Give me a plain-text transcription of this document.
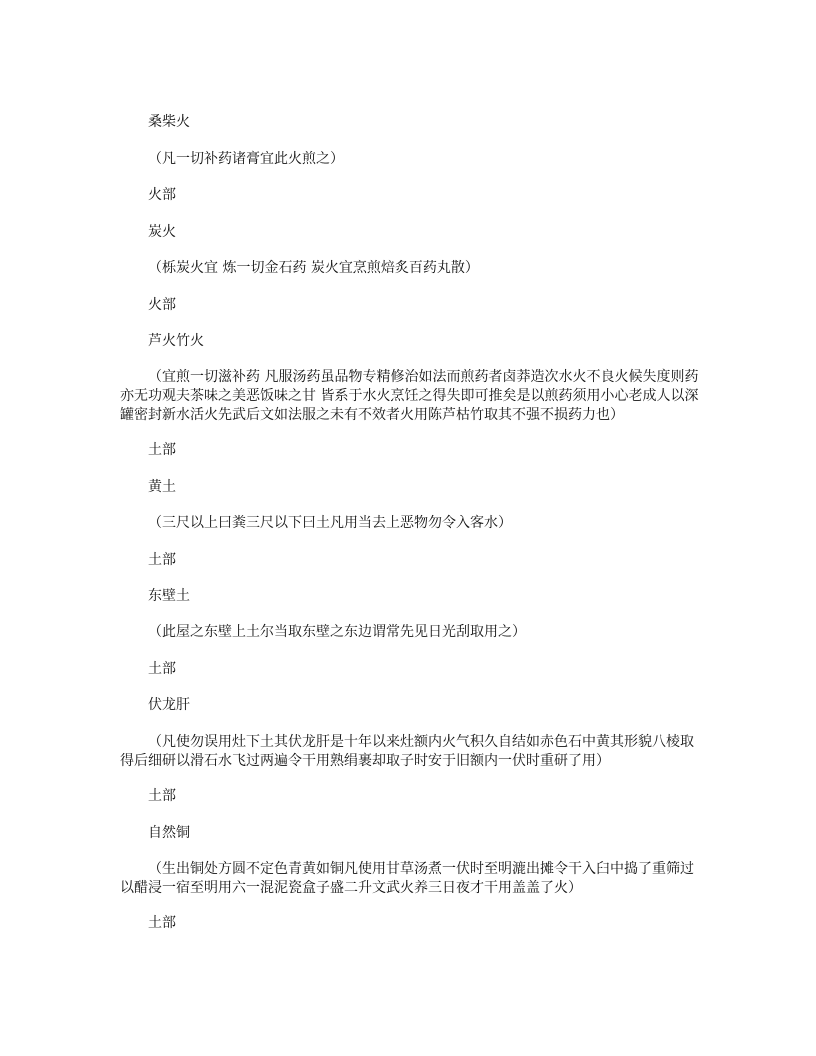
桑柴火

（凡一切补药诸膏宜此火煎之）

火部

炭火

（栎炭火宜 炼一切金石药 炭火宜烹煎焙炙百药丸散）

火部

芦火竹火

（宜煎一切滋补药 凡服汤药虽品物专精修治如法而煎药者卤莽造次水火不良火候失度则药亦无功观夫茶味之美恶饭味之甘 皆系于水火烹饪之得失即可推矣是以煎药须用小心老成人以深罐密封新水活火先武后文如法服之未有不效者火用陈芦枯竹取其不强不损药力也）

土部

黄土

（三尺以上曰粪三尺以下曰土凡用当去上恶物勿令入客水）

土部

东壁土

（此屋之东壁上土尔当取东壁之东边谓常先见日光刮取用之）

土部

伏龙肝

（凡使勿误用灶下土其伏龙肝是十年以来灶额内火气积久自结如赤色石中黄其形貌八棱取得后细研以滑石水飞过两遍令干用熟绢裹却取子时安于旧额内一伏时重研了用）

土部

自然铜

（生出铜处方圆不定色青黄如铜凡使用甘草汤煮一伏时至明漉出摊令干入臼中捣了重筛过以醋浸一宿至明用六一混泥瓷盒子盛二升文武火养三日夜才干用盖盖了火）

土部
